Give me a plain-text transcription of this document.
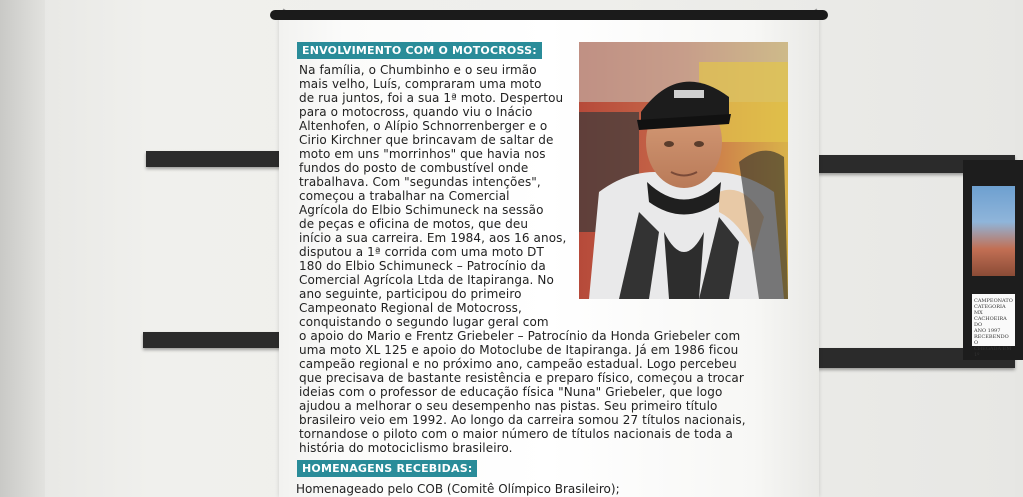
CAMPEONATO
CATEGORIA MX
CACHOEIRA DO
ANO 1997
RECEBENDO O
CHEGADA EM 1º
ENVOLVIMENTO COM O MOTOCROSS:
Na família, o Chumbinho e o seu irmão
mais velho, Luís, compraram uma moto
de rua juntos, foi a sua 1ª moto. Despertou
para o motocross, quando viu o Inácio
Altenhofen, o Alípio Schnorrenberger e o
Cirio Kirchner que brincavam de saltar de
moto em uns "morrinhos" que havia nos
fundos do posto de combustível onde
trabalhava. Com "segundas intenções",
começou a trabalhar na Comercial
Agrícola do Elbio Schimuneck na sessão
de peças e oficina de motos, que deu
início a sua carreira. Em 1984, aos 16 anos,
disputou a 1ª corrida com uma moto DT
180 do Elbio Schimuneck – Patrocínio da
Comercial Agrícola Ltda de Itapiranga. No
ano seguinte, participou do primeiro
Campeonato Regional de Motocross,
conquistando o segundo lugar geral com
o apoio do Mario e Frentz Griebeler – Patrocínio da Honda Griebeler com
uma moto XL 125 e apoio do Motoclube de Itapiranga. Já em 1986 ficou
campeão regional e no próximo ano, campeão estadual. Logo percebeu
que precisava de bastante resistência e preparo físico, começou a trocar
ideias com o professor de educação física "Nuna" Griebeler, que logo
ajudou a melhorar o seu desempenho nas pistas. Seu primeiro título
brasileiro veio em 1992. Ao longo da carreira somou 27 títulos nacionais,
tornandose o piloto com o maior número de títulos nacionais de toda a
história do motociclismo brasileiro.
HOMENAGENS RECEBIDAS:
Homenageado pelo COB (Comitê Olímpico Brasileiro);
